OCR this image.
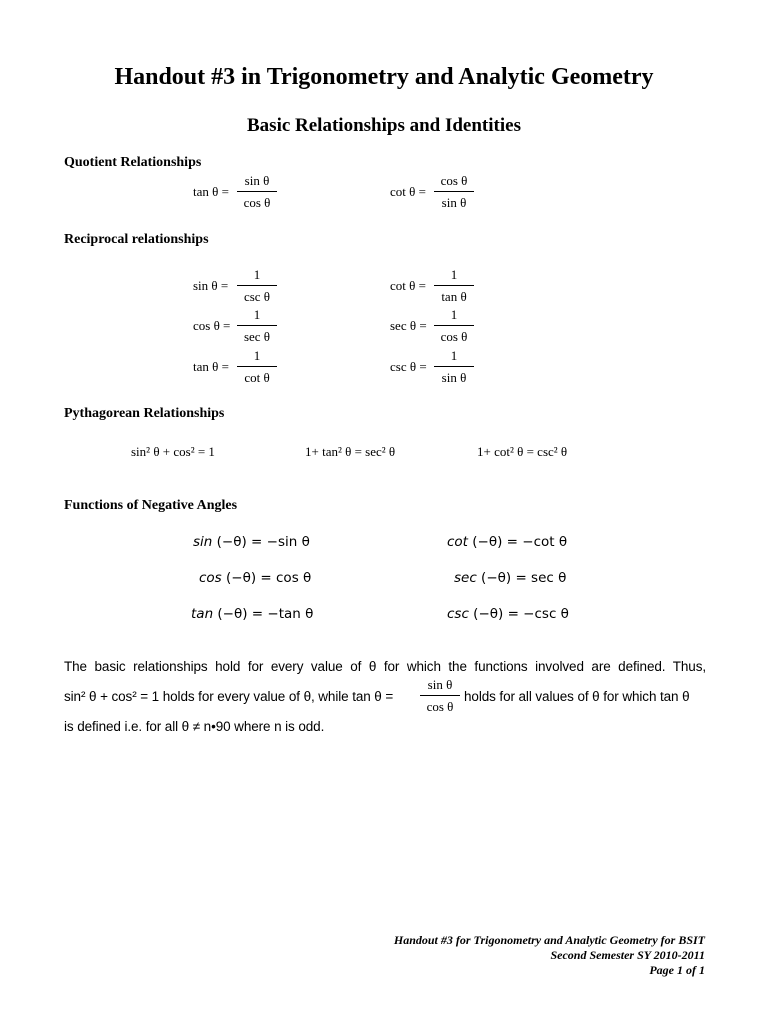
Handout #3 in Trigonometry and Analytic Geometry
Basic Relationships and Identities
Quotient Relationships
tan θ =
sin θ
cos θ
cot θ =
cos θ
sin θ
Reciprocal relationships
sin θ =
1
csc θ
cos θ =
1
sec θ
tan θ =
1
cot θ
cot θ =
1
tan θ
sec θ =
1
cos θ
csc θ =
1
sin θ
Pythagorean Relationships
sin² θ + cos² = 1	1+ tan² θ = sec² θ	1+ cot² θ = csc² θ
Functions of Negative Angles
sin (−θ) = −sin θ
cos (−θ) = cos θ
tan (−θ) = −tan θ
cot (−θ) = −cot θ
sec (−θ) = sec θ
csc (−θ) = −csc θ
The basic relationships hold for every value of θ for which the functions involved are defined. Thus,
sin² θ + cos² = 1 holds for every value of θ, while tan θ =
sin θ
cos θ
holds for all values of θ for which tan θ
is defined i.e. for all θ ≠ n•90 where n is odd.
Handout #3 for Trigonometry and Analytic Geometry for BSIT
Second Semester SY 2010-2011
Page 1 of 1
